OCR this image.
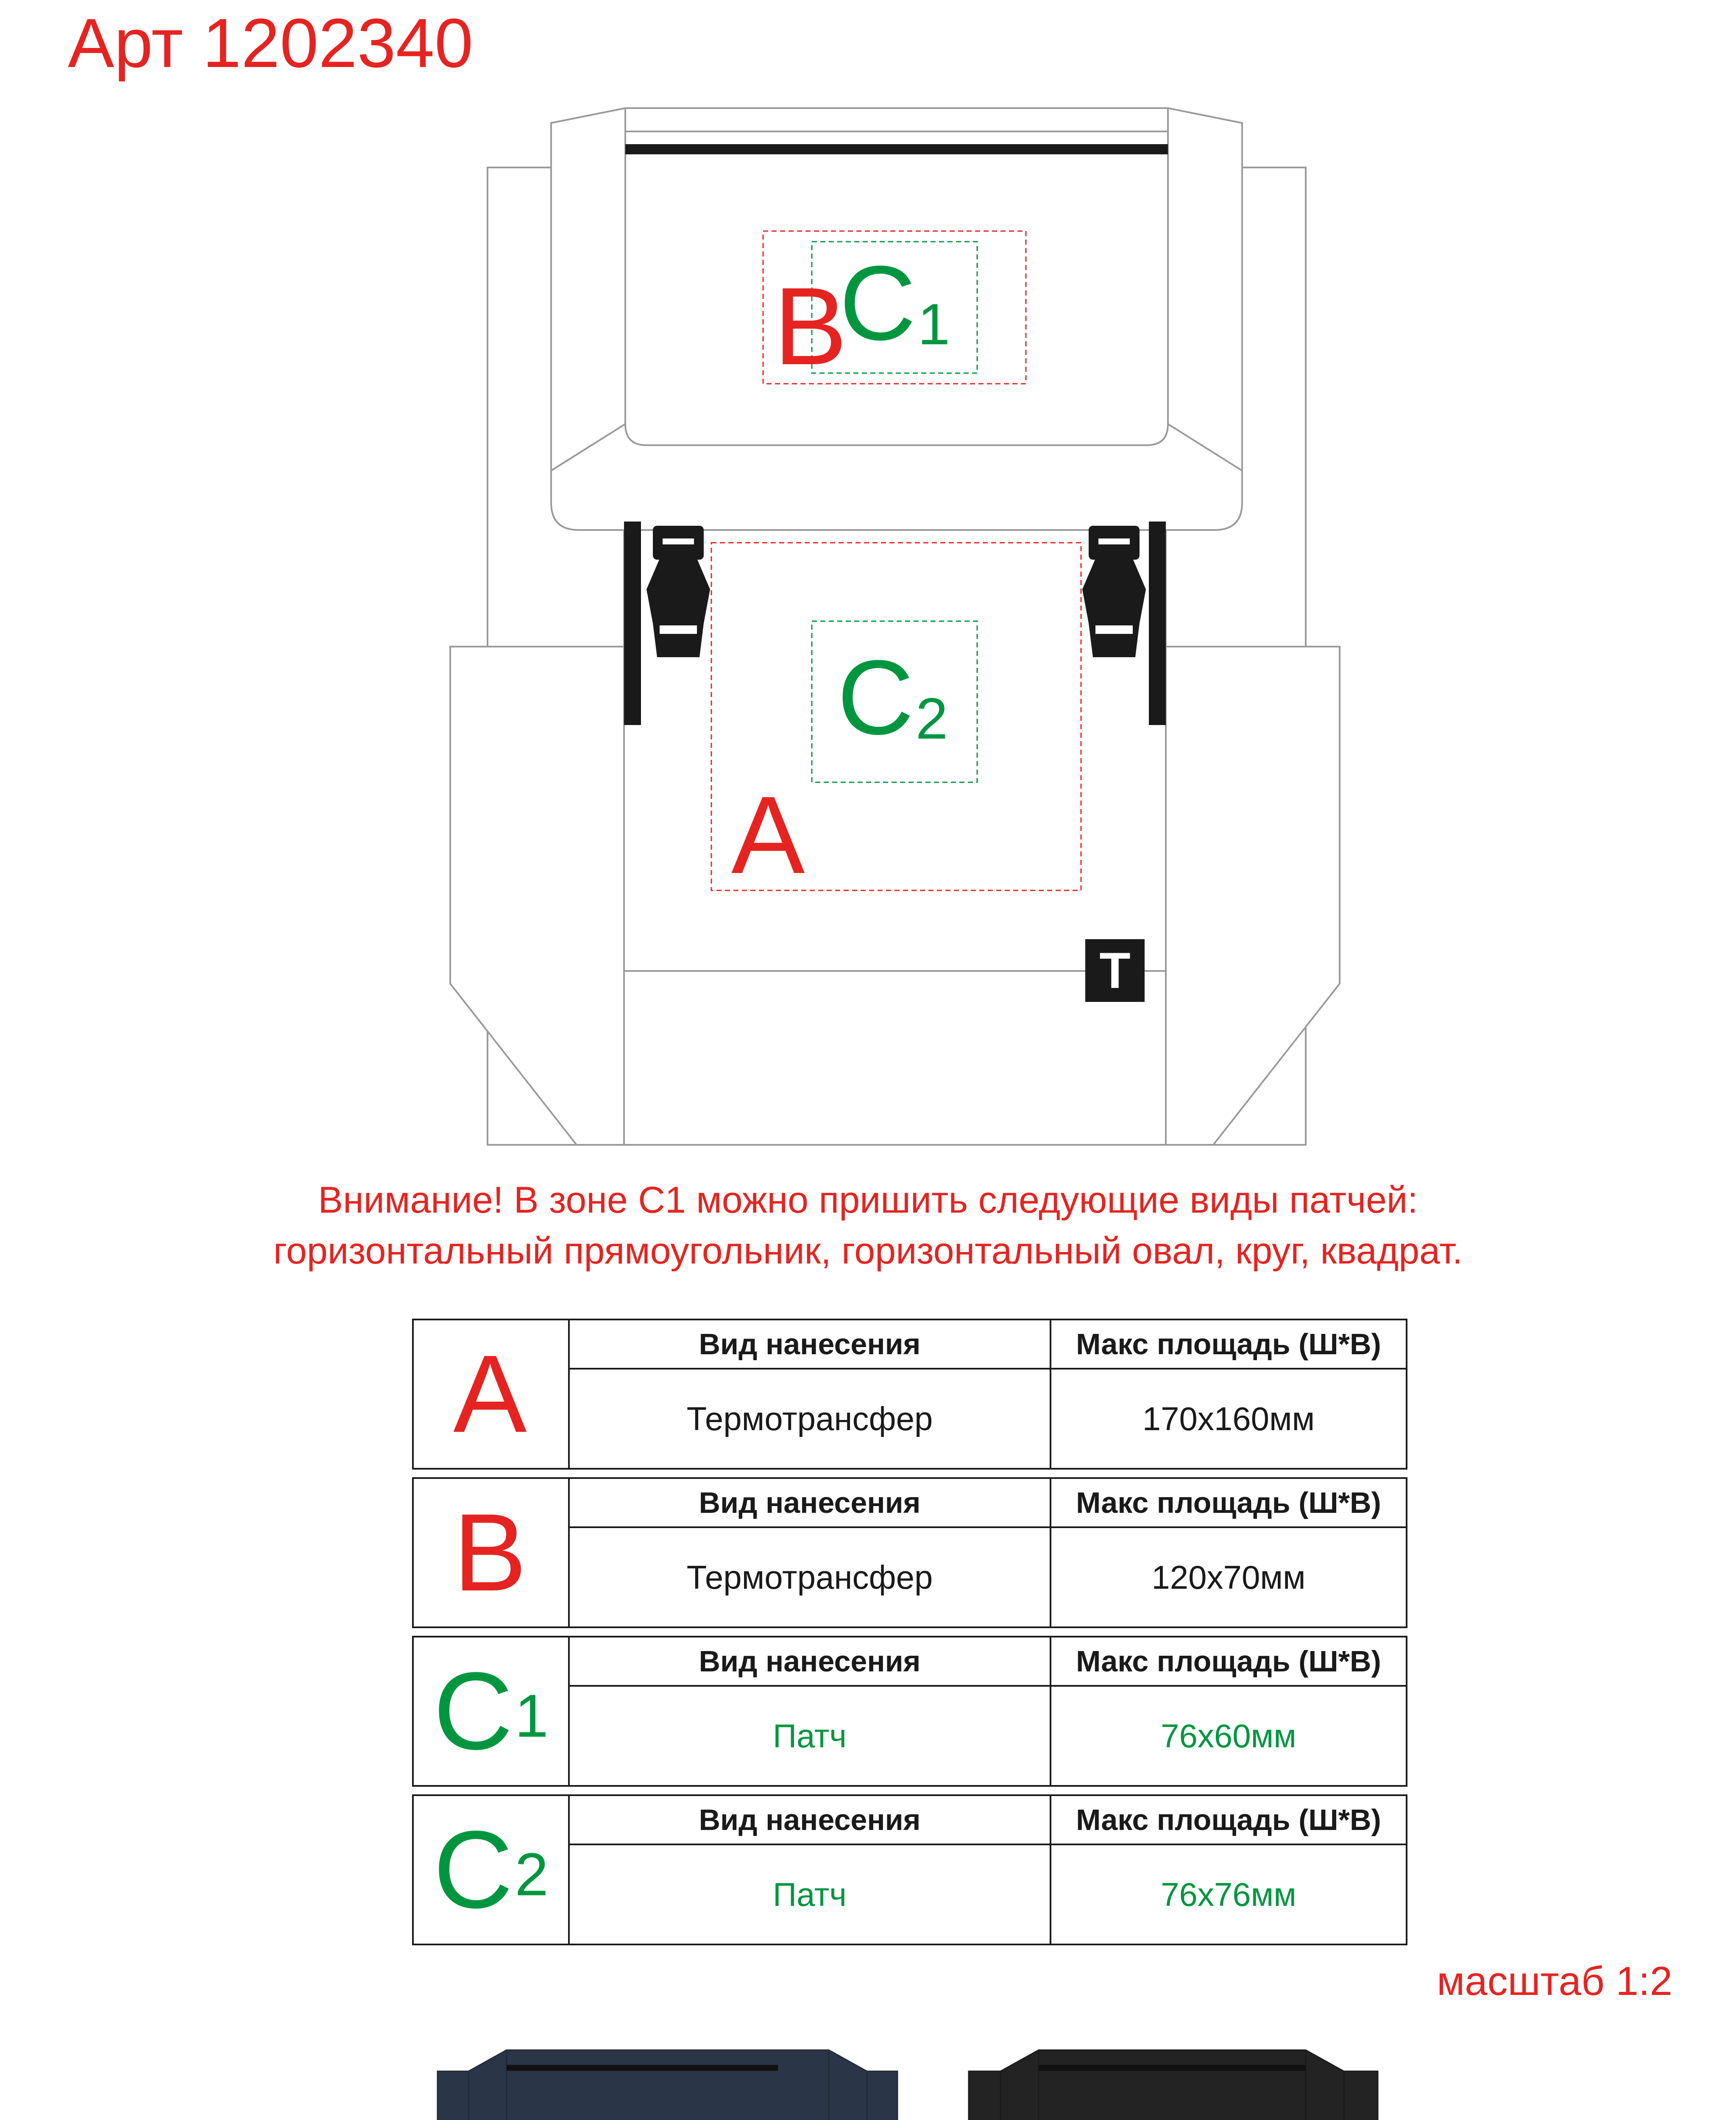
Арт 1202340
B
$C_1$
$C_2$
A
T
Внимание! В зоне С1 можно пришить следующие виды патчей:
горизонтальный прямоугольник, горизонтальный овал, круг, квадрат.
A	Вид нанесения	Макс площадь (Ш*В)
Термотрансфер	170x160мм
B	Вид нанесения	Макс площадь (Ш*В)
Термотрансфер	120x70мм
$C_1$
Вид нанесения	Макс площадь (Ш*В)
Патч	76x60мм
$C_2$
Вид нанесения	Макс площадь (Ш*В)
Патч	76x76мм
масштаб 1:2
